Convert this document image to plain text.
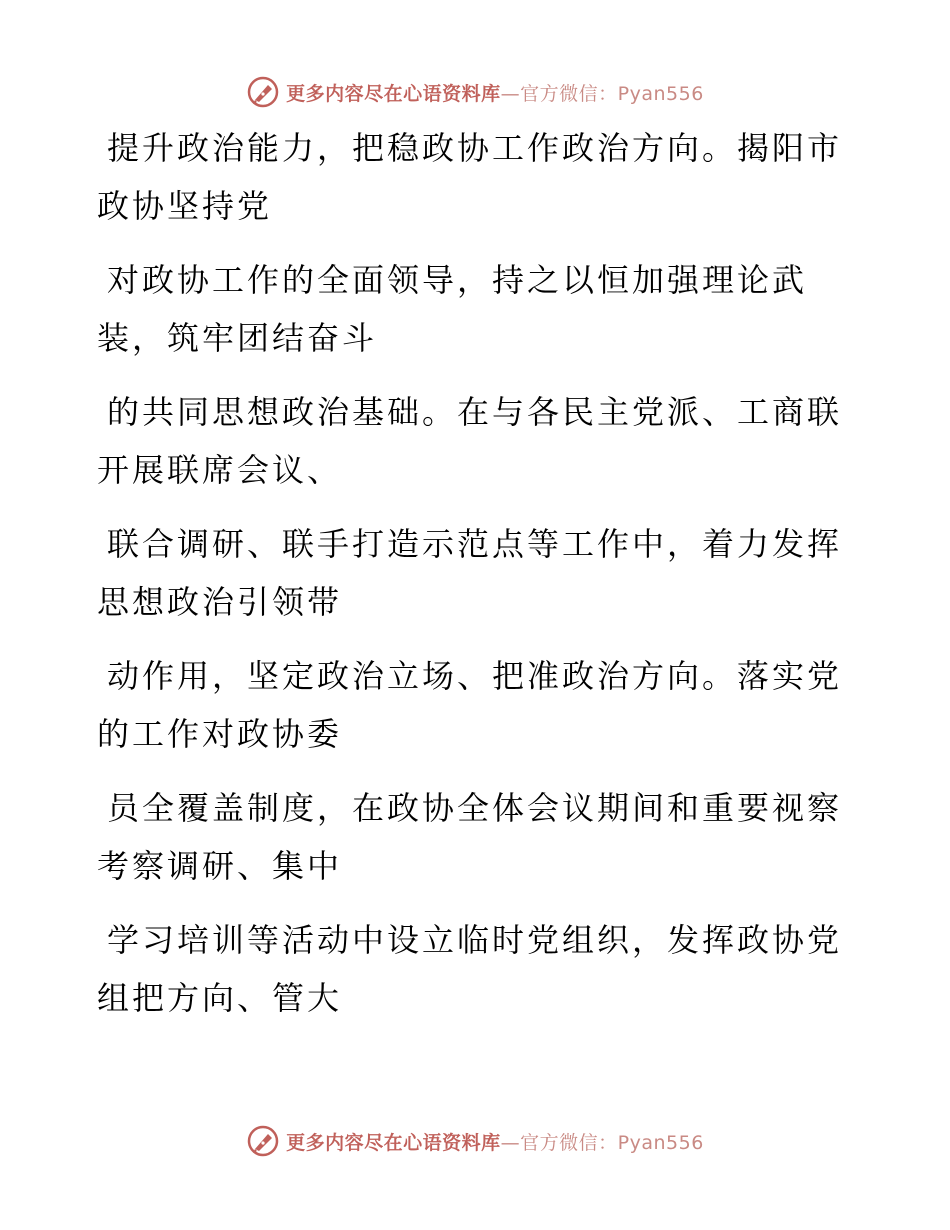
更多内容尽在心语资料库—官方微信：Pyan556
提升政治能力，把稳政协工作政治方向。揭阳市
政协坚持党
对政协工作的全面领导，持之以恒加强理论武
装，筑牢团结奋斗
的共同思想政治基础。在与各民主党派、工商联
开展联席会议、
联合调研、联手打造示范点等工作中，着力发挥
思想政治引领带
动作用，坚定政治立场、把准政治方向。落实党
的工作对政协委
员全覆盖制度，在政协全体会议期间和重要视察
考察调研、集中
学习培训等活动中设立临时党组织，发挥政协党
组把方向、管大
更多内容尽在心语资料库—官方微信：Pyan556
